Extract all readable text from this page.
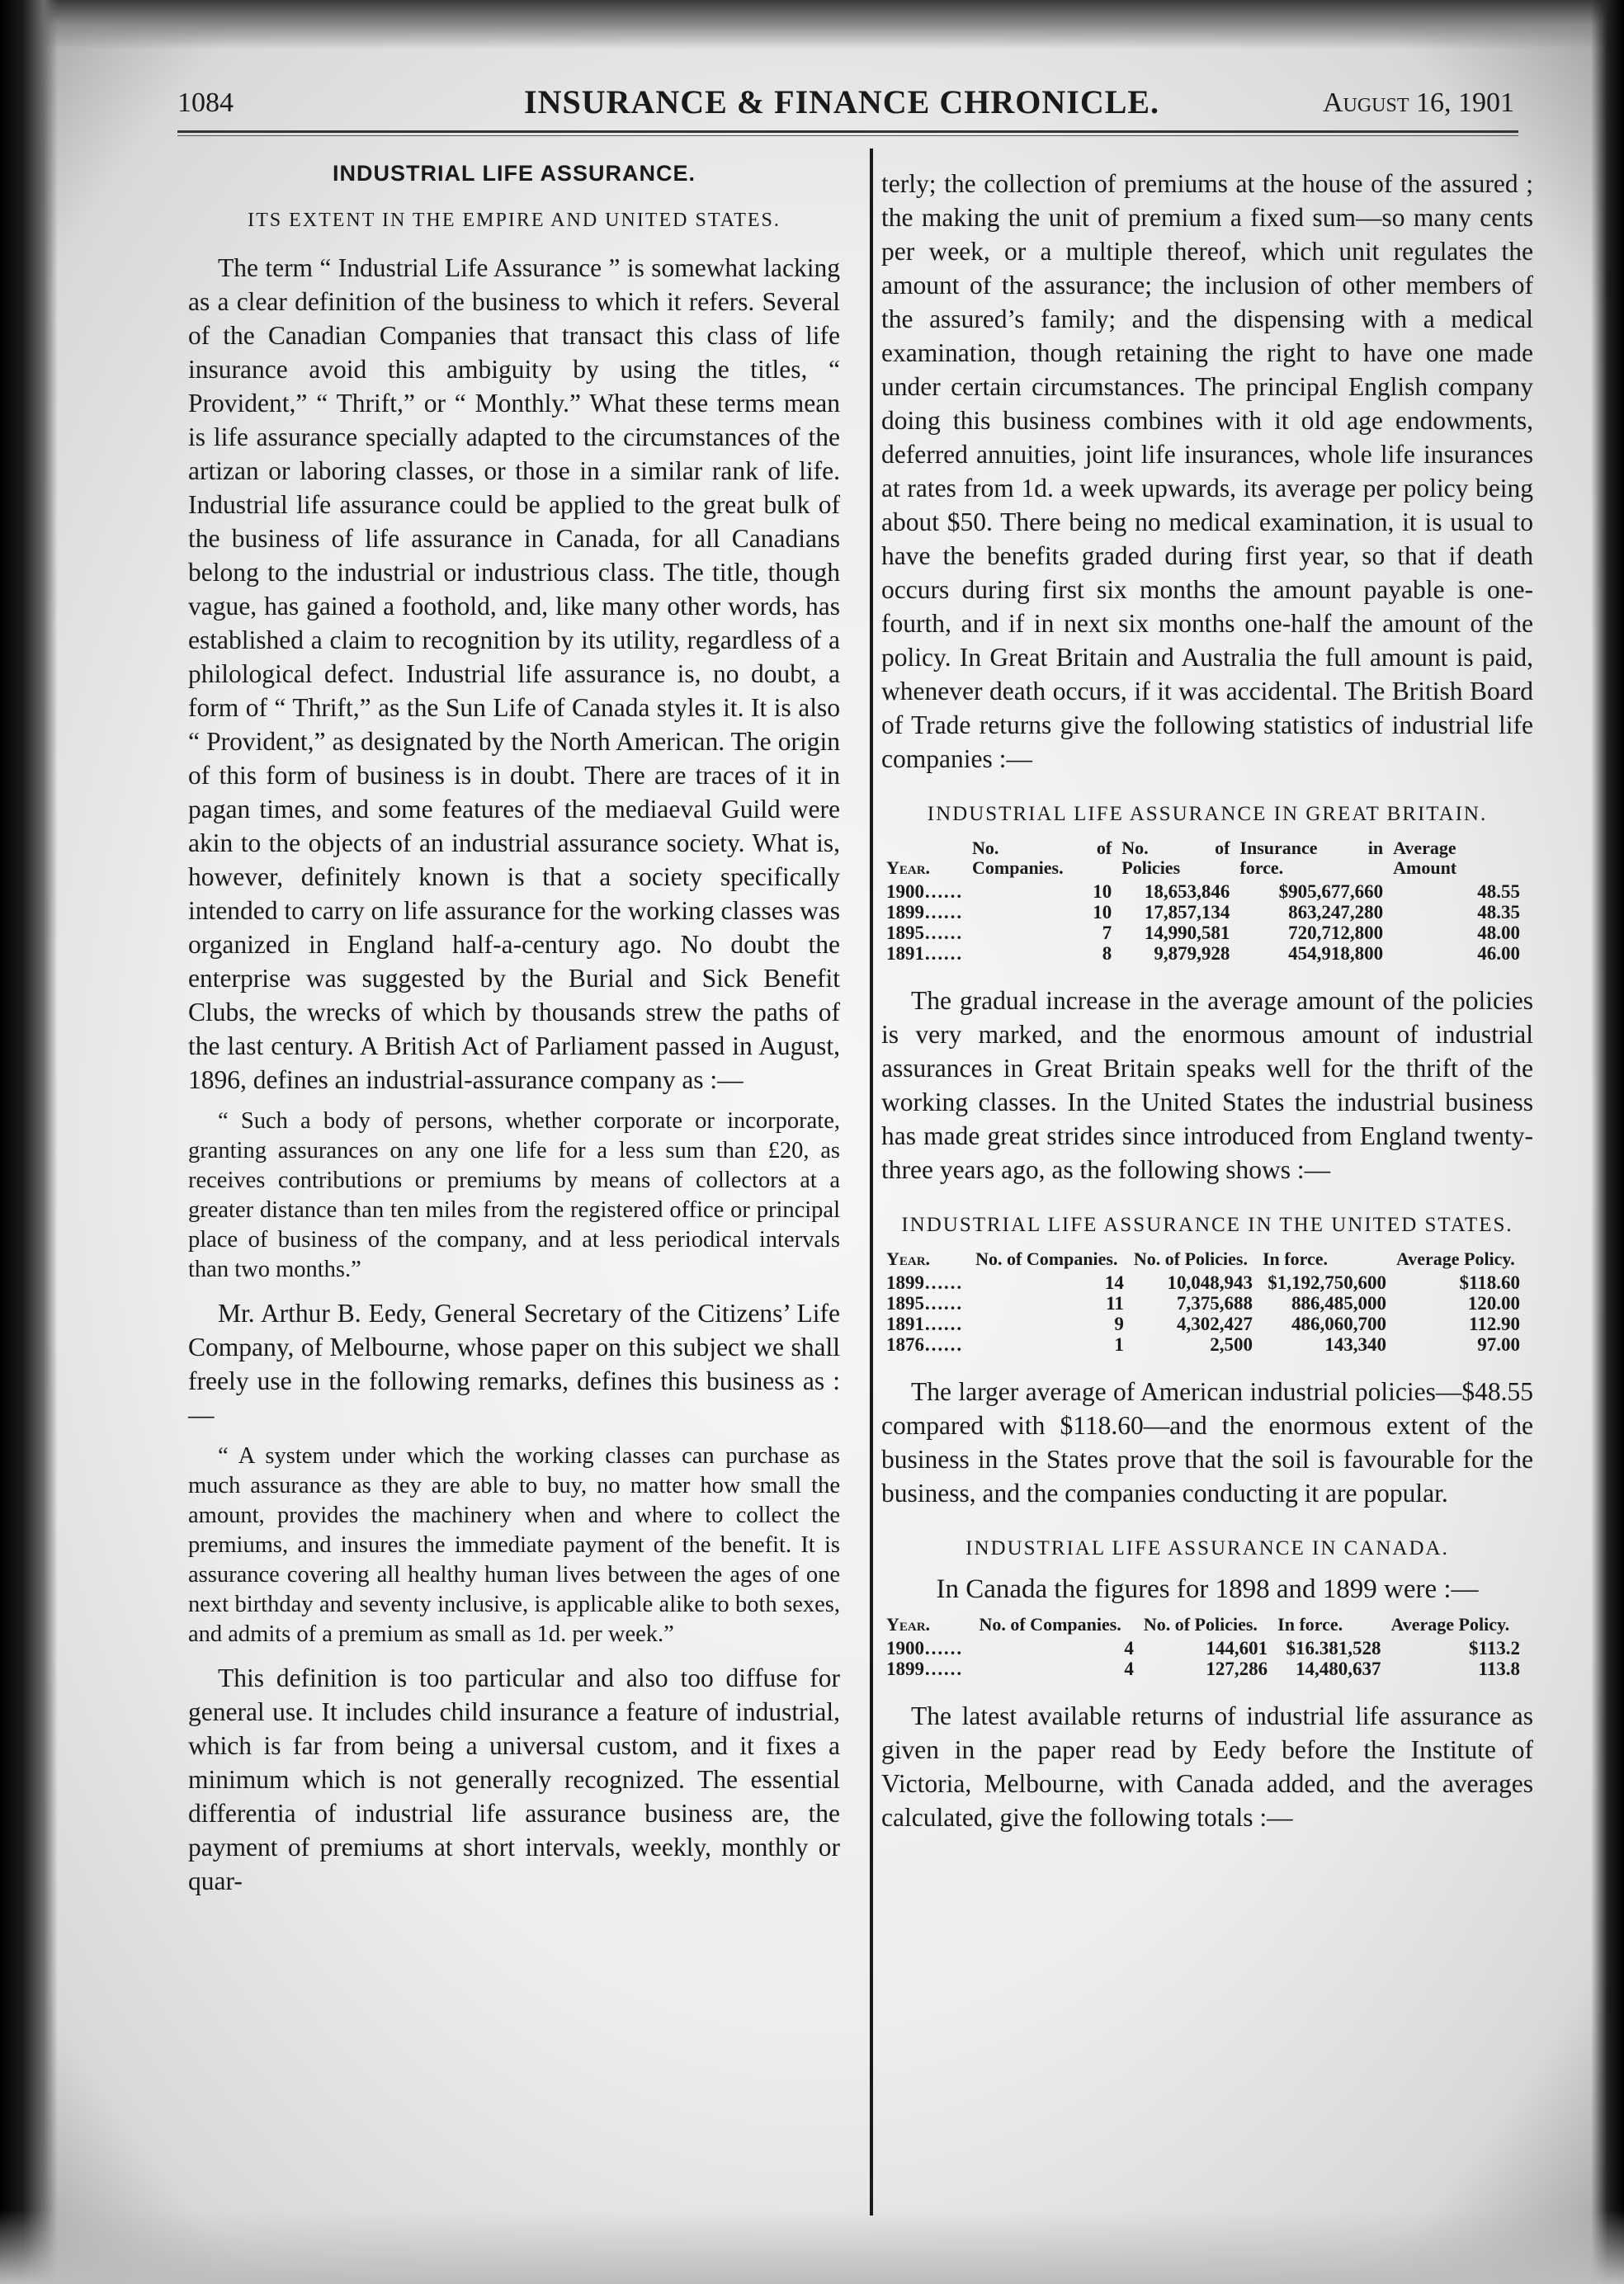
1084	INSURANCE & FINANCE CHRONICLE.	August 16, 1901
INDUSTRIAL LIFE ASSURANCE.
ITS EXTENT IN THE EMPIRE AND UNITED STATES.

The term “ Industrial Life Assurance ” is somewhat lacking as a clear definition of the business to which it refers. Several of the Canadian Companies that transact this class of life insurance avoid this ambiguity by using the titles, “ Provident,” “ Thrift,” or “ Monthly.” What these terms mean is life assurance specially adapted to the circumstances of the artizan or laboring classes, or those in a similar rank of life. Industrial life assurance could be applied to the great bulk of the business of life assurance in Canada, for all Canadians belong to the industrial or industrious class. The title, though vague, has gained a foothold, and, like many other words, has established a claim to recognition by its utility, regardless of a philological defect. Industrial life assurance is, no doubt, a form of “ Thrift,” as the Sun Life of Canada styles it. It is also “ Provident,” as designated by the North American. The origin of this form of business is in doubt. There are traces of it in pagan times, and some features of the mediaeval Guild were akin to the objects of an industrial assurance society. What is, however, definitely known is that a society specifically intended to carry on life assurance for the working classes was organized in England half-a-century ago. No doubt the enterprise was suggested by the Burial and Sick Benefit Clubs, the wrecks of which by thousands strew the paths of the last century. A British Act of Parliament passed in August, 1896, defines an industrial-assurance company as :—

“ Such a body of persons, whether corporate or incorporate, granting assurances on any one life for a less sum than £20, as receives contributions or premiums by means of collectors at a greater distance than ten miles from the registered office or principal place of business of the company, and at less periodical intervals than two months.”

Mr. Arthur B. Eedy, General Secretary of the Citizens’ Life Company, of Melbourne, whose paper on this subject we shall freely use in the following remarks, defines this business as :—

“ A system under which the working classes can purchase as much assurance as they are able to buy, no matter how small the amount, provides the machinery when and where to collect the premiums, and insures the immediate payment of the benefit. It is assurance covering all healthy human lives between the ages of one next birthday and seventy inclusive, is applicable alike to both sexes, and admits of a premium as small as 1d. per week.”

This definition is too particular and also too diffuse for general use. It includes child insurance a feature of industrial, which is far from being a universal custom, and it fixes a minimum which is not generally recognized. The essential differentia of industrial life assurance business are, the payment of premiums at short intervals, weekly, monthly or quar-

terly; the collection of premiums at the house of the assured ; the making the unit of premium a fixed sum—so many cents per week, or a multiple thereof, which unit regulates the amount of the assurance; the inclusion of other members of the assured’s family; and the dispensing with a medical examination, though retaining the right to have one made under certain circumstances. The principal English company doing this business combines with it old age endowments, deferred annuities, joint life insurances, whole life insurances at rates from 1d. a week upwards, its average per policy being about $50. There being no medical examination, it is usual to have the benefits graded during first year, so that if death occurs during first six months the amount payable is one-fourth, and if in next six months one-half the amount of the policy. In Great Britain and Australia the full amount is paid, whenever death occurs, if it was accidental. The British Board of Trade returns give the following statistics of industrial life companies :—

INDUSTRIAL LIFE ASSURANCE IN GREAT BRITAIN.
Year.	No. of Companies.	No. of Policies	Insurance in force.	Average Amount
1900……	10	18,653,846	$905,677,660	48.55
1899……	10	17,857,134	863,247,280	48.35
1895……	7	14,990,581	720,712,800	48.00
1891……	8	9,879,928	454,918,800	46.00

The gradual increase in the average amount of the policies is very marked, and the enormous amount of industrial assurances in Great Britain speaks well for the thrift of the working classes. In the United States the industrial business has made great strides since introduced from England twenty-three years ago, as the following shows :—

INDUSTRIAL LIFE ASSURANCE IN THE UNITED STATES.
Year.	No. of Companies.	No. of Policies.	In force.	Average Policy.
1899……	14	10,048,943	$1,192,750,600	$118.60
1895……	11	7,375,688	886,485,000	120.00
1891……	9	4,302,427	486,060,700	112.90
1876……	1	2,500	143,340	97.00

The larger average of American industrial policies—$48.55 compared with $118.60—and the enormous extent of the business in the States prove that the soil is favourable for the business, and the companies conducting it are popular.

INDUSTRIAL LIFE ASSURANCE IN CANADA.
In Canada the figures for 1898 and 1899 were :—
Year.	No. of Companies.	No. of Policies.	In force.	Average Policy.
1900……	4	144,601	$16.381,528	$113.2
1899……	4	127,286	14,480,637	113.8

The latest available returns of industrial life assurance as given in the paper read by Eedy before the Institute of Victoria, Melbourne, with Canada added, and the averages calculated, give the following totals :—
